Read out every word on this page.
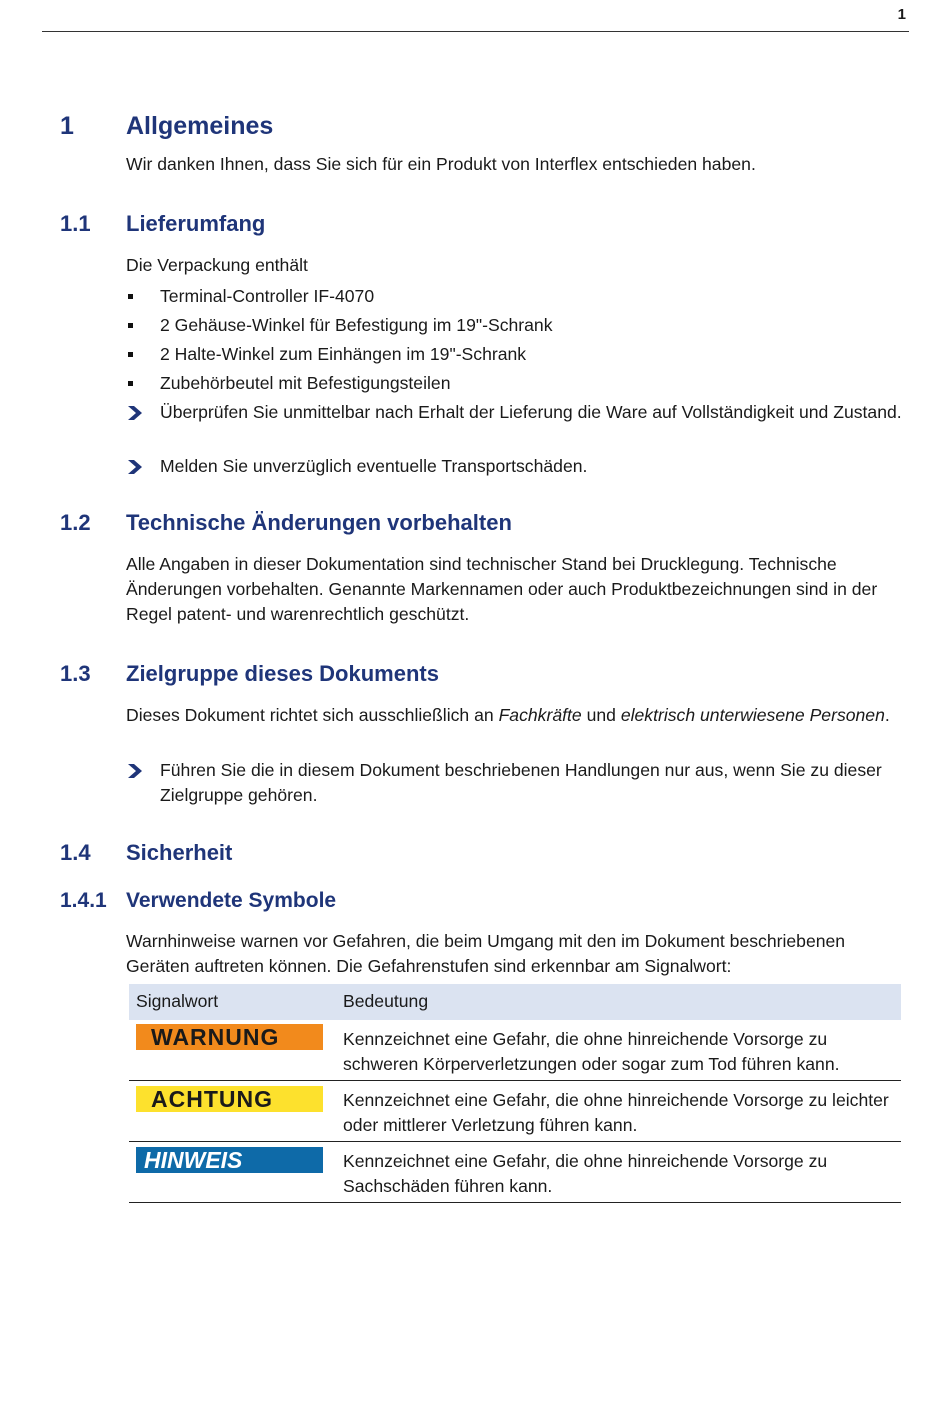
1
1 Allgemeines
Wir danken Ihnen, dass Sie sich für ein Produkt von Interflex entschieden haben.
1.1 Lieferumfang
Die Verpackung enthält
Terminal-Controller IF-4070
2 Gehäuse-Winkel für Befestigung im 19"-Schrank
2 Halte-Winkel zum Einhängen im 19"-Schrank
Zubehörbeutel mit Befestigungsteilen
Überprüfen Sie unmittelbar nach Erhalt der Lieferung die Ware auf Vollständigkeit und Zustand.
Melden Sie unverzüglich eventuelle Transportschäden.
1.2 Technische Änderungen vorbehalten
Alle Angaben in dieser Dokumentation sind technischer Stand bei Drucklegung. Technische Änderungen vorbehalten. Genannte Markennamen oder auch Produktbezeichnungen sind in der Regel patent- und warenrechtlich geschützt.
1.3 Zielgruppe dieses Dokuments
Dieses Dokument richtet sich ausschließlich an Fachkräfte und elektrisch unterwiesene Personen.
Führen Sie die in diesem Dokument beschriebenen Handlungen nur aus, wenn Sie zu dieser Zielgruppe gehören.
1.4 Sicherheit
1.4.1 Verwendete Symbole
Warnhinweise warnen vor Gefahren, die beim Umgang mit den im Dokument beschriebenen Geräten auftreten können. Die Gefahrenstufen sind erkennbar am Signalwort:
Signalwort	Bedeutung
WARNUNG	Kennzeichnet eine Gefahr, die ohne hinreichende Vorsorge zu schweren Körperverletzungen oder sogar zum Tod führen kann.
ACHTUNG	Kennzeichnet eine Gefahr, die ohne hinreichende Vorsorge zu leichter oder mittlerer Verletzung führen kann.
HINWEIS	Kennzeichnet eine Gefahr, die ohne hinreichende Vorsorge zu Sachschäden führen kann.
